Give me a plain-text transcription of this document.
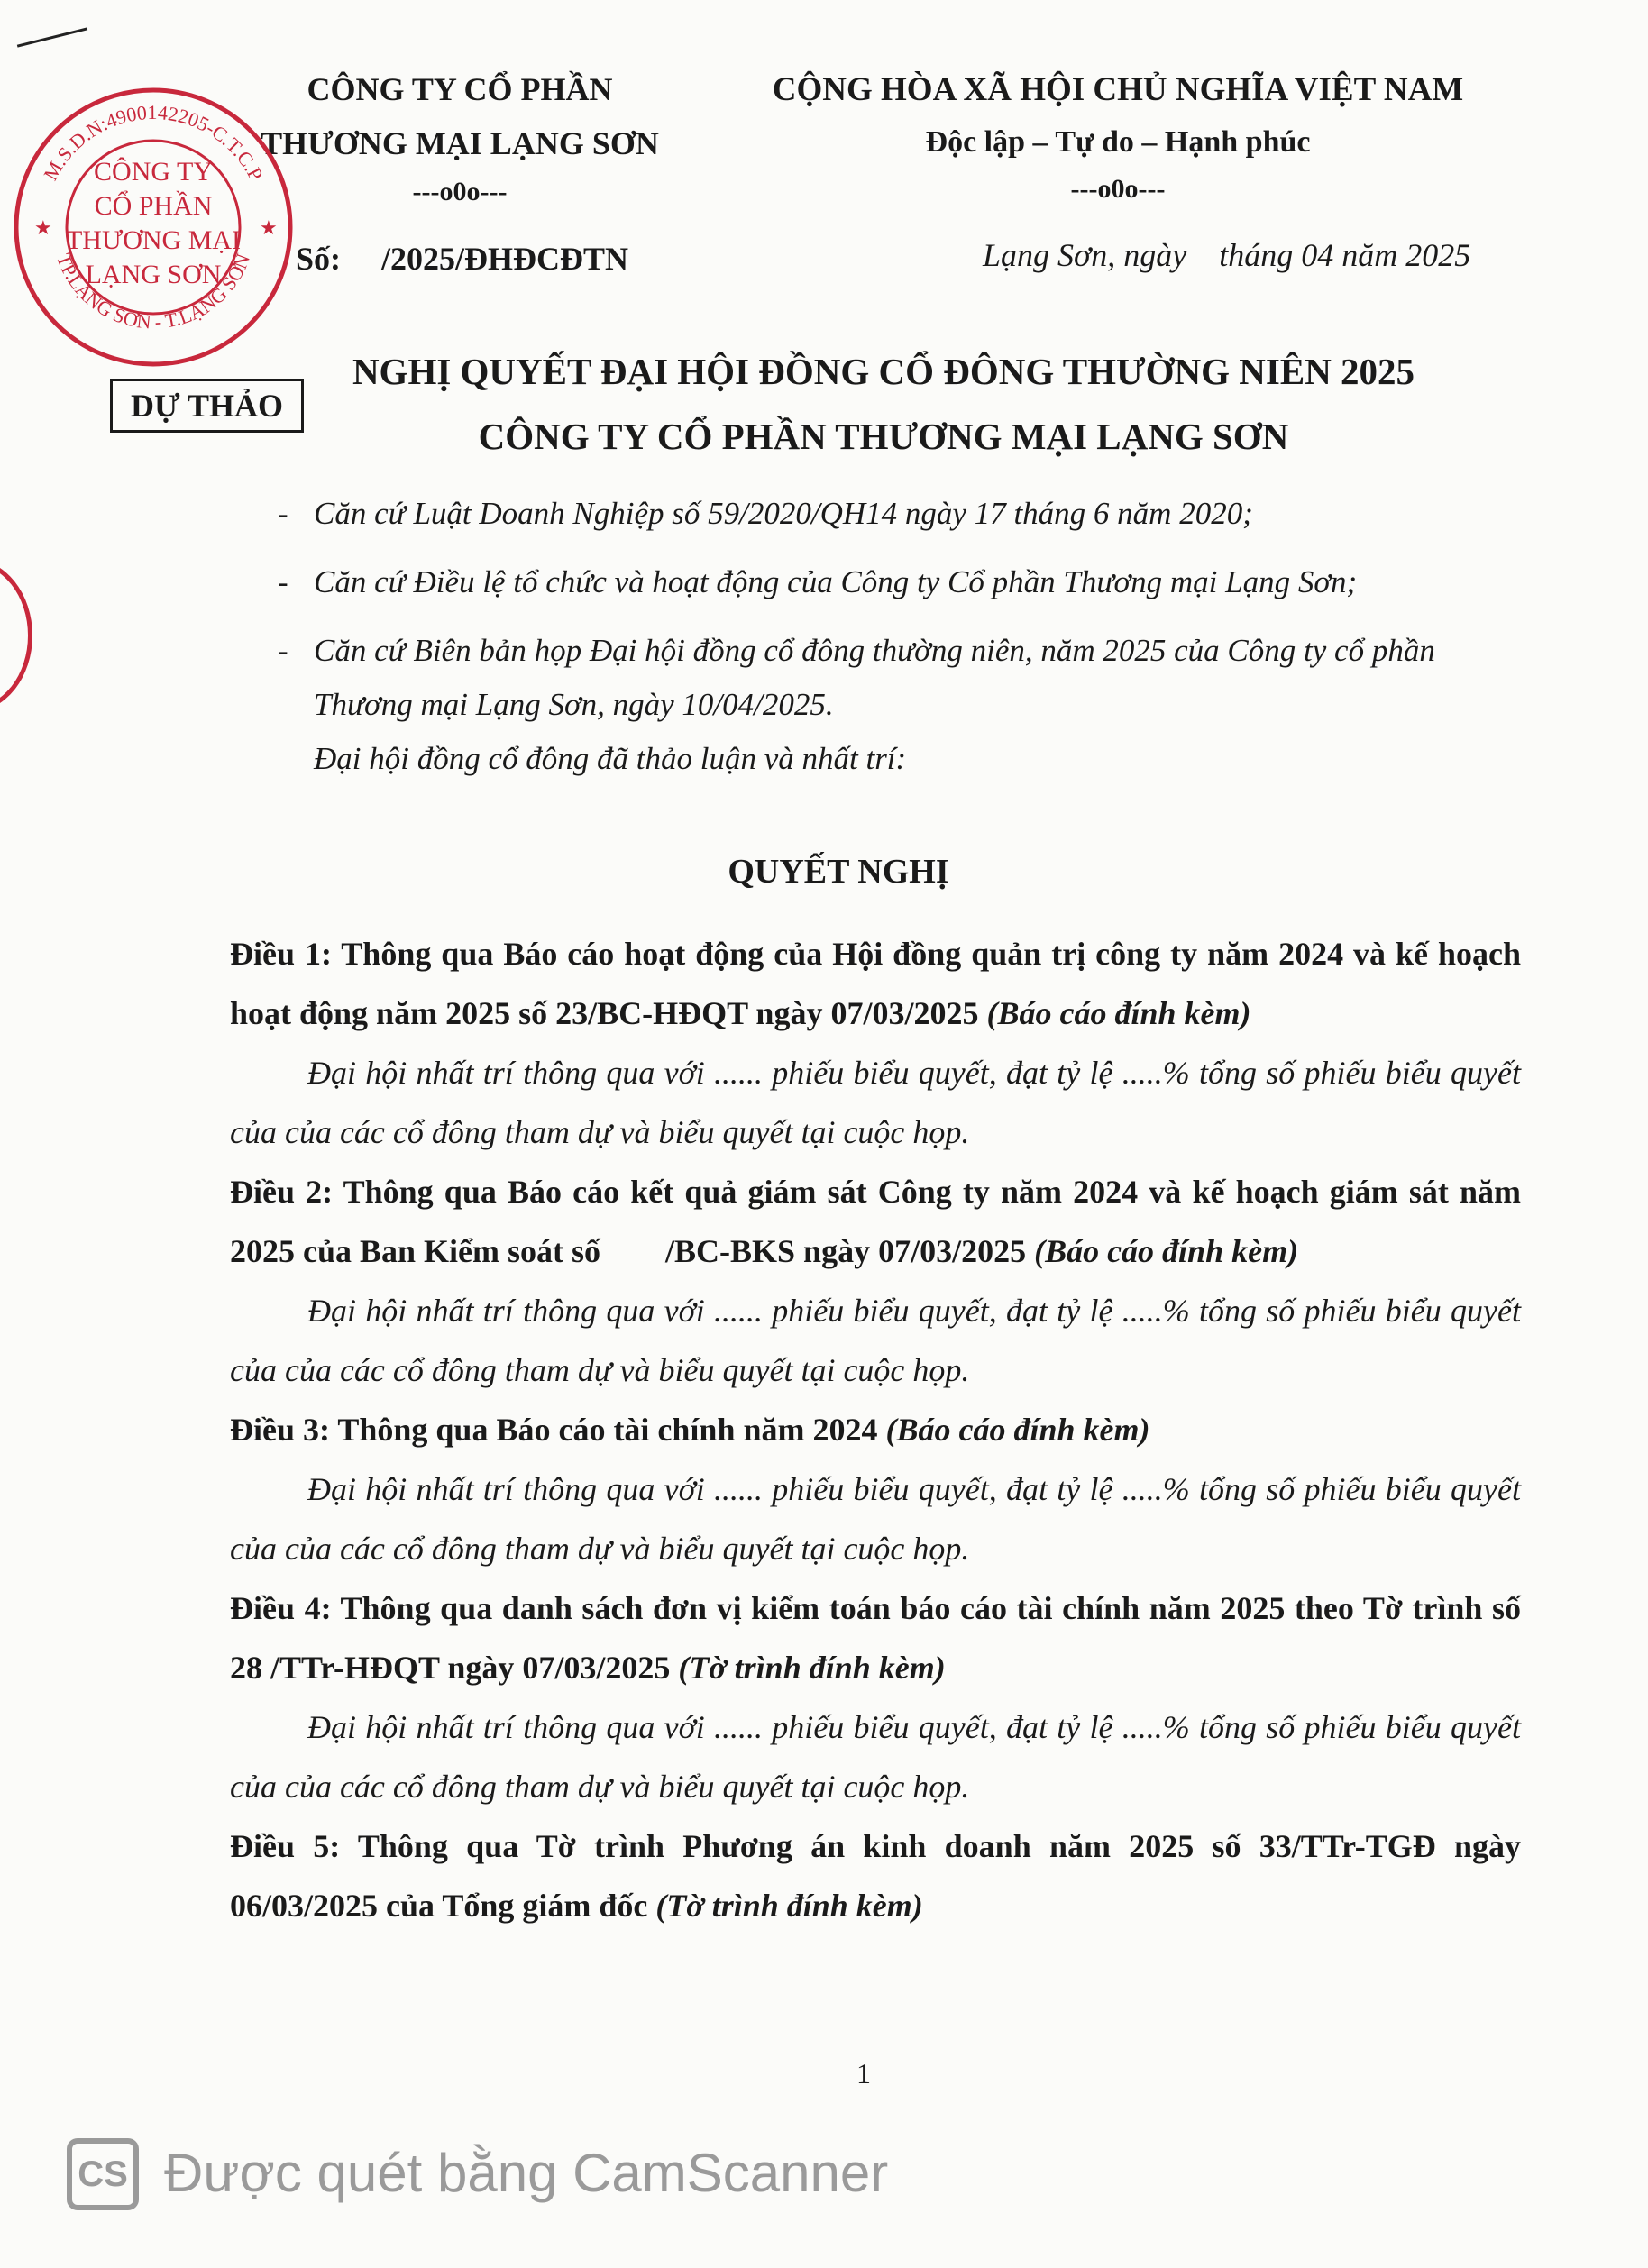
CÔNG TY CỔ PHẦN
THƯƠNG MẠI LẠNG SƠN
---o0o---
Số:     /2025/ĐHĐCĐTN
CỘNG HÒA XÃ HỘI CHỦ NGHĨA VIỆT NAM
Độc lập – Tự do – Hạnh phúc
---o0o---
Lạng Sơn, ngày    tháng 04 năm 2025
M.S.D.N:4900142205-C.T.C.P
TP.LẠNG SƠN - T.LẠNG SƠN
★	★
CÔNG TY
CỔ PHẦN
THƯƠNG MẠI
LẠNG SƠN
DỰ THẢO
NGHỊ QUYẾT ĐẠI HỘI ĐỒNG CỔ ĐÔNG THƯỜNG NIÊN 2025
CÔNG TY CỔ PHẦN THƯƠNG MẠI LẠNG SƠN
- Căn cứ Luật Doanh Nghiệp số 59/2020/QH14 ngày 17 tháng 6 năm 2020;
- Căn cứ Điều lệ tổ chức và hoạt động của Công ty Cổ phần Thương mại Lạng Sơn;
- Căn cứ Biên bản họp Đại hội đồng cổ đông thường niên, năm 2025 của Công ty cổ phần Thương mại Lạng Sơn, ngày 10/04/2025.
Đại hội đồng cổ đông đã thảo luận và nhất trí:
QUYẾT NGHỊ
Điều 1: Thông qua Báo cáo hoạt động của Hội đồng quản trị công ty năm 2024 và kế hoạch hoạt động năm 2025 số 23/BC-HĐQT ngày 07/03/2025 (Báo cáo đính kèm)
Đại hội nhất trí thông qua với ...... phiếu biểu quyết, đạt tỷ lệ .....% tổng số phiếu biểu quyết của của các cổ đông tham dự và biểu quyết tại cuộc họp.
Điều 2: Thông qua Báo cáo kết quả giám sát Công ty năm 2024 và kế hoạch giám sát năm 2025 của Ban Kiểm soát số        /BC-BKS ngày 07/03/2025 (Báo cáo đính kèm)
Đại hội nhất trí thông qua với ...... phiếu biểu quyết, đạt tỷ lệ .....% tổng số phiếu biểu quyết của của các cổ đông tham dự và biểu quyết tại cuộc họp.
Điều 3: Thông qua Báo cáo tài chính năm 2024 (Báo cáo đính kèm)
Đại hội nhất trí thông qua với ...... phiếu biểu quyết, đạt tỷ lệ .....% tổng số phiếu biểu quyết của của các cổ đông tham dự và biểu quyết tại cuộc họp.
Điều 4: Thông qua danh sách đơn vị kiểm toán báo cáo tài chính năm 2025 theo Tờ trình số  28 /TTr-HĐQT ngày 07/03/2025 (Tờ trình đính kèm)
Đại hội nhất trí thông qua với ...... phiếu biểu quyết, đạt tỷ lệ .....% tổng số phiếu biểu quyết của của các cổ đông tham dự và biểu quyết tại cuộc họp.
Điều 5: Thông qua Tờ trình Phương án kinh doanh năm 2025 số 33/TTr-TGĐ ngày 06/03/2025 của Tổng giám đốc (Tờ trình đính kèm)
1
CS Được quét bằng CamScanner
